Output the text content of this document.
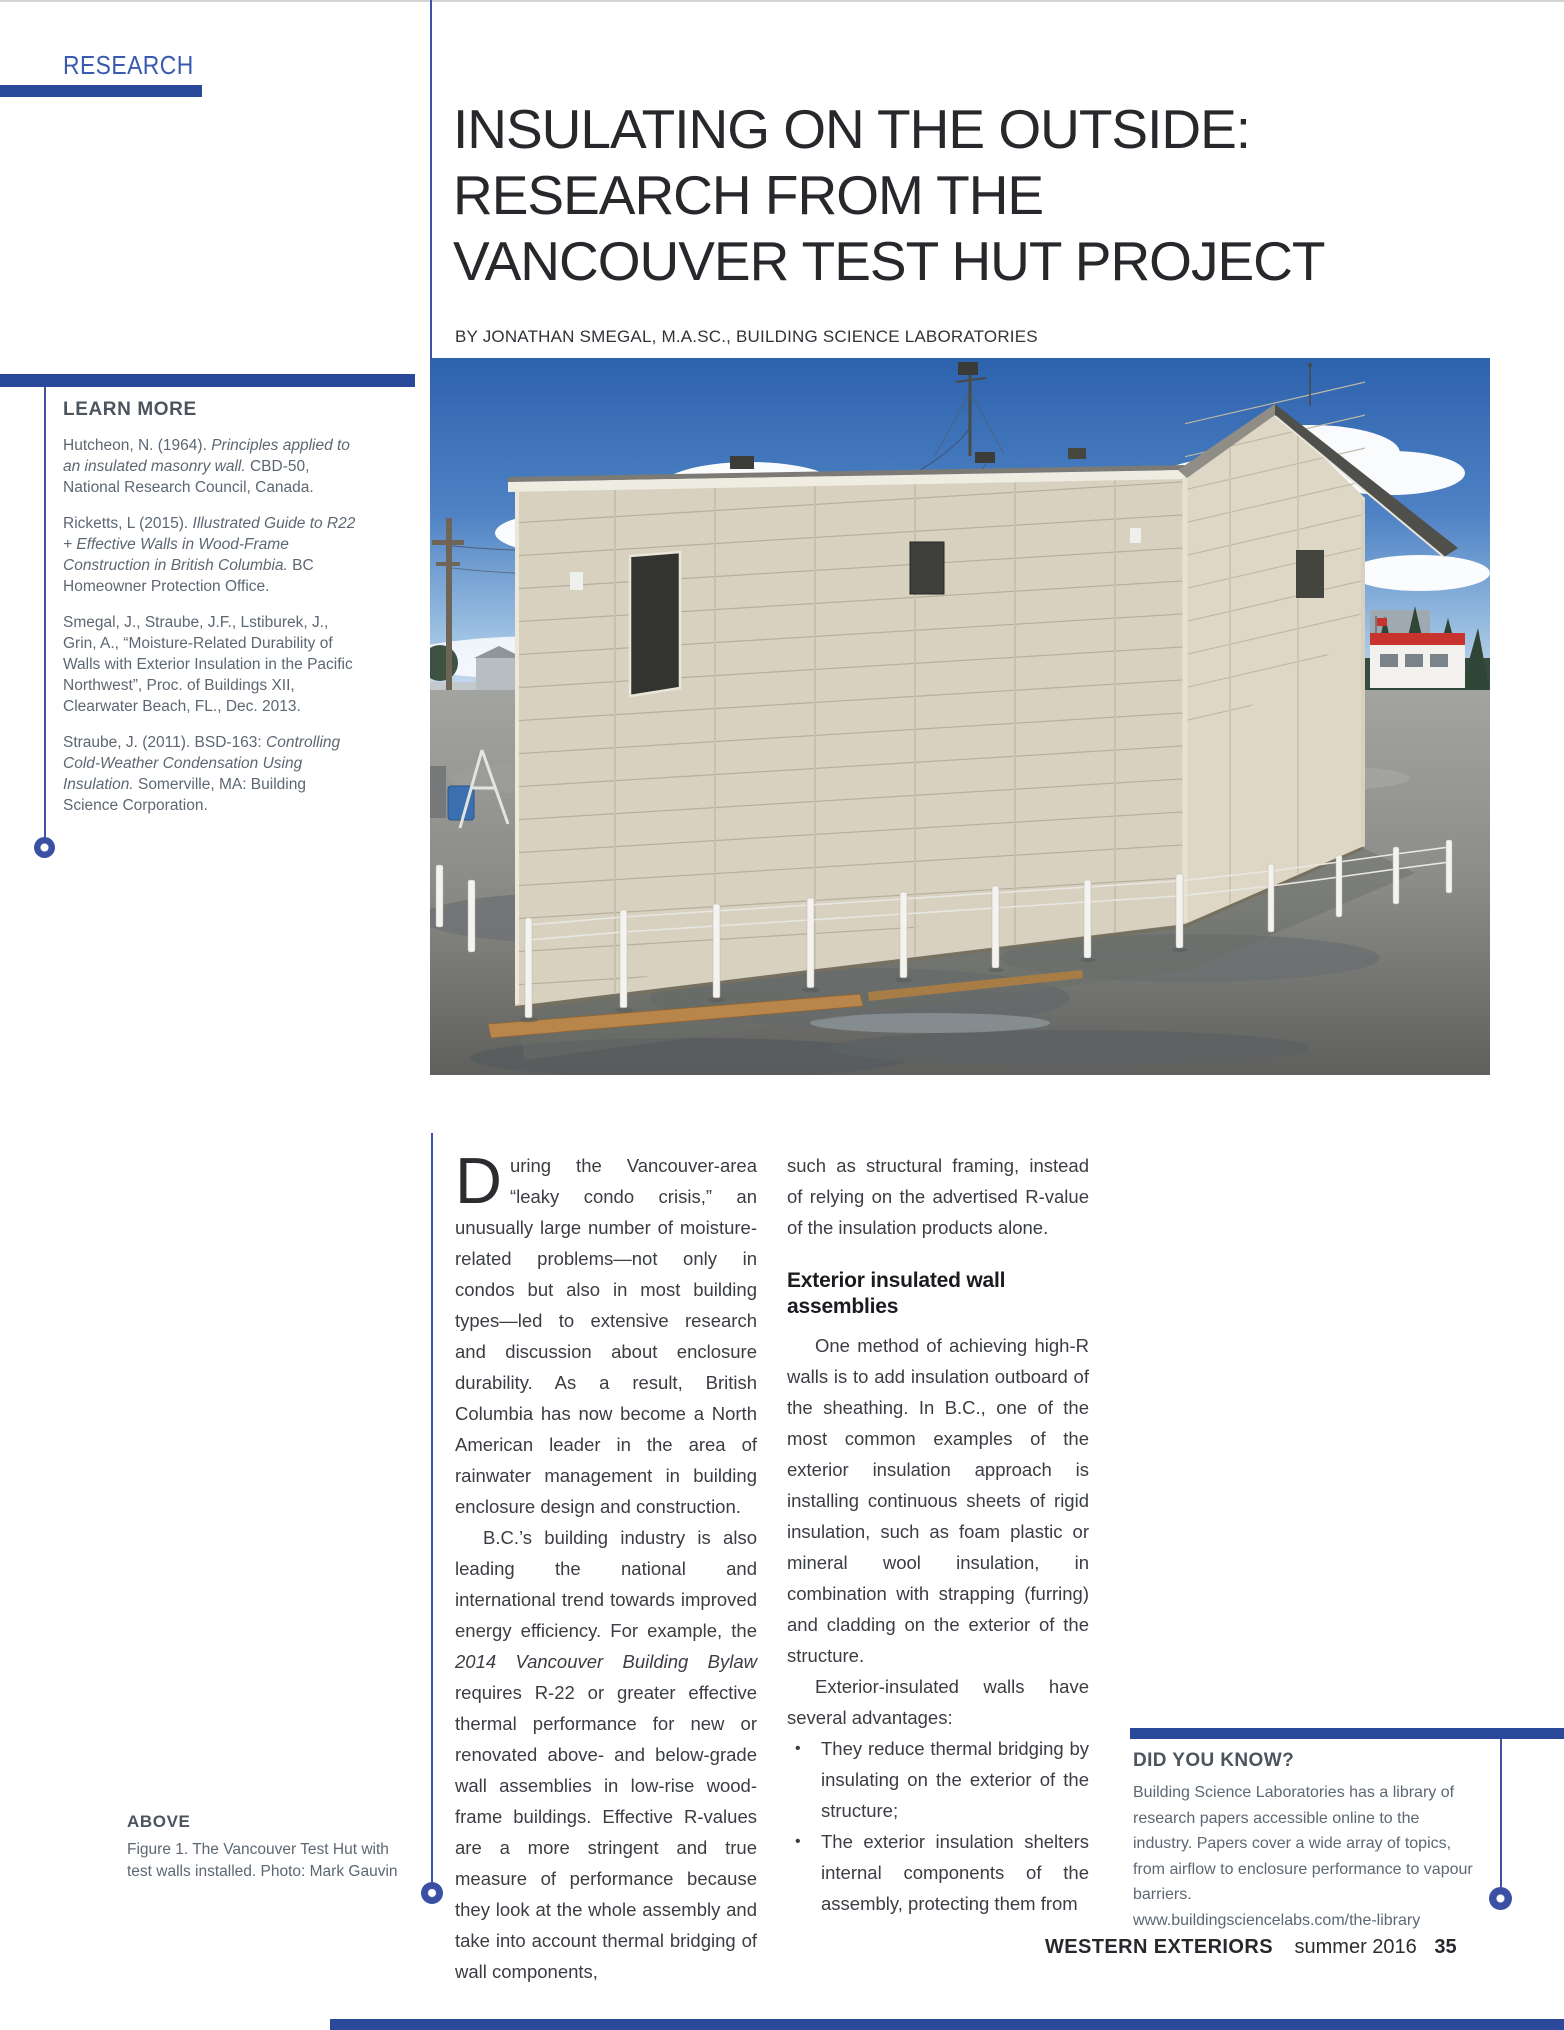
RESEARCH
INSULATING ON THE OUTSIDE:
RESEARCH FROM THE
VANCOUVER TEST HUT PROJECT
BY JONATHAN SMEGAL, M.A.SC., BUILDING SCIENCE LABORATORIES
LEARN MORE

Hutcheon, N. (1964). Principles applied to an insulated masonry wall. CBD-50, National Research Council, Canada.

Ricketts, L (2015). Illustrated Guide to R22 + Effective Walls in Wood-Frame Construction in British Columbia. BC Homeowner Protection Office.

Smegal, J., Straube, J.F., Lstiburek, J., Grin, A., “Moisture-Related Durability of Walls with Exterior Insulation in the Pacific Northwest”, Proc. of Buildings XII, Clearwater Beach, FL., Dec. 2013.

Straube, J. (2011). BSD-163: Controlling Cold-Weather Condensation Using Insulation. Somerville, MA: Building Science Corporation.

During the Vancouver-area “leaky condo crisis,” an unusually large number of moisture-related problems—not only in condos but also in most building types—led to extensive research and discussion about enclosure durability. As a result, British Columbia has now become a North American leader in the area of rainwater management in building enclosure design and construction.

B.C.’s building industry is also leading the national and international trend towards improved energy efficiency. For example, the 2014 Vancouver Building Bylaw requires R-22 or greater effective thermal performance for new or renovated above- and below-grade wall assemblies in low-rise wood-frame buildings. Effective R-values are a more stringent and true measure of performance because they look at the whole assembly and take into account thermal bridging of wall components,

such as structural framing, instead of relying on the advertised R-value of the insulation products alone.

Exterior insulated wall assemblies

One method of achieving high-R walls is to add insulation outboard of the sheathing. In B.C., one of the most common examples of the exterior insulation approach is installing continuous sheets of rigid insulation, such as foam plastic or mineral wool insulation, in combination with strapping (furring) and cladding on the exterior of the structure.

Exterior-insulated walls have several advantages:

•	They reduce thermal bridging by insulating on the exterior of the structure;
•	The exterior insulation shelters internal components of the assembly, protecting them from
ABOVE
Figure 1. The Vancouver Test Hut with test walls installed. Photo: Mark Gauvin
DID YOU KNOW?

Building Science Laboratories has a library of research papers accessible online to the industry. Papers cover a wide array of topics, from airflow to enclosure performance to vapour barriers.

www.buildingsciencelabs.com/the-library

WESTERN EXTERIORS summer 2016 35
